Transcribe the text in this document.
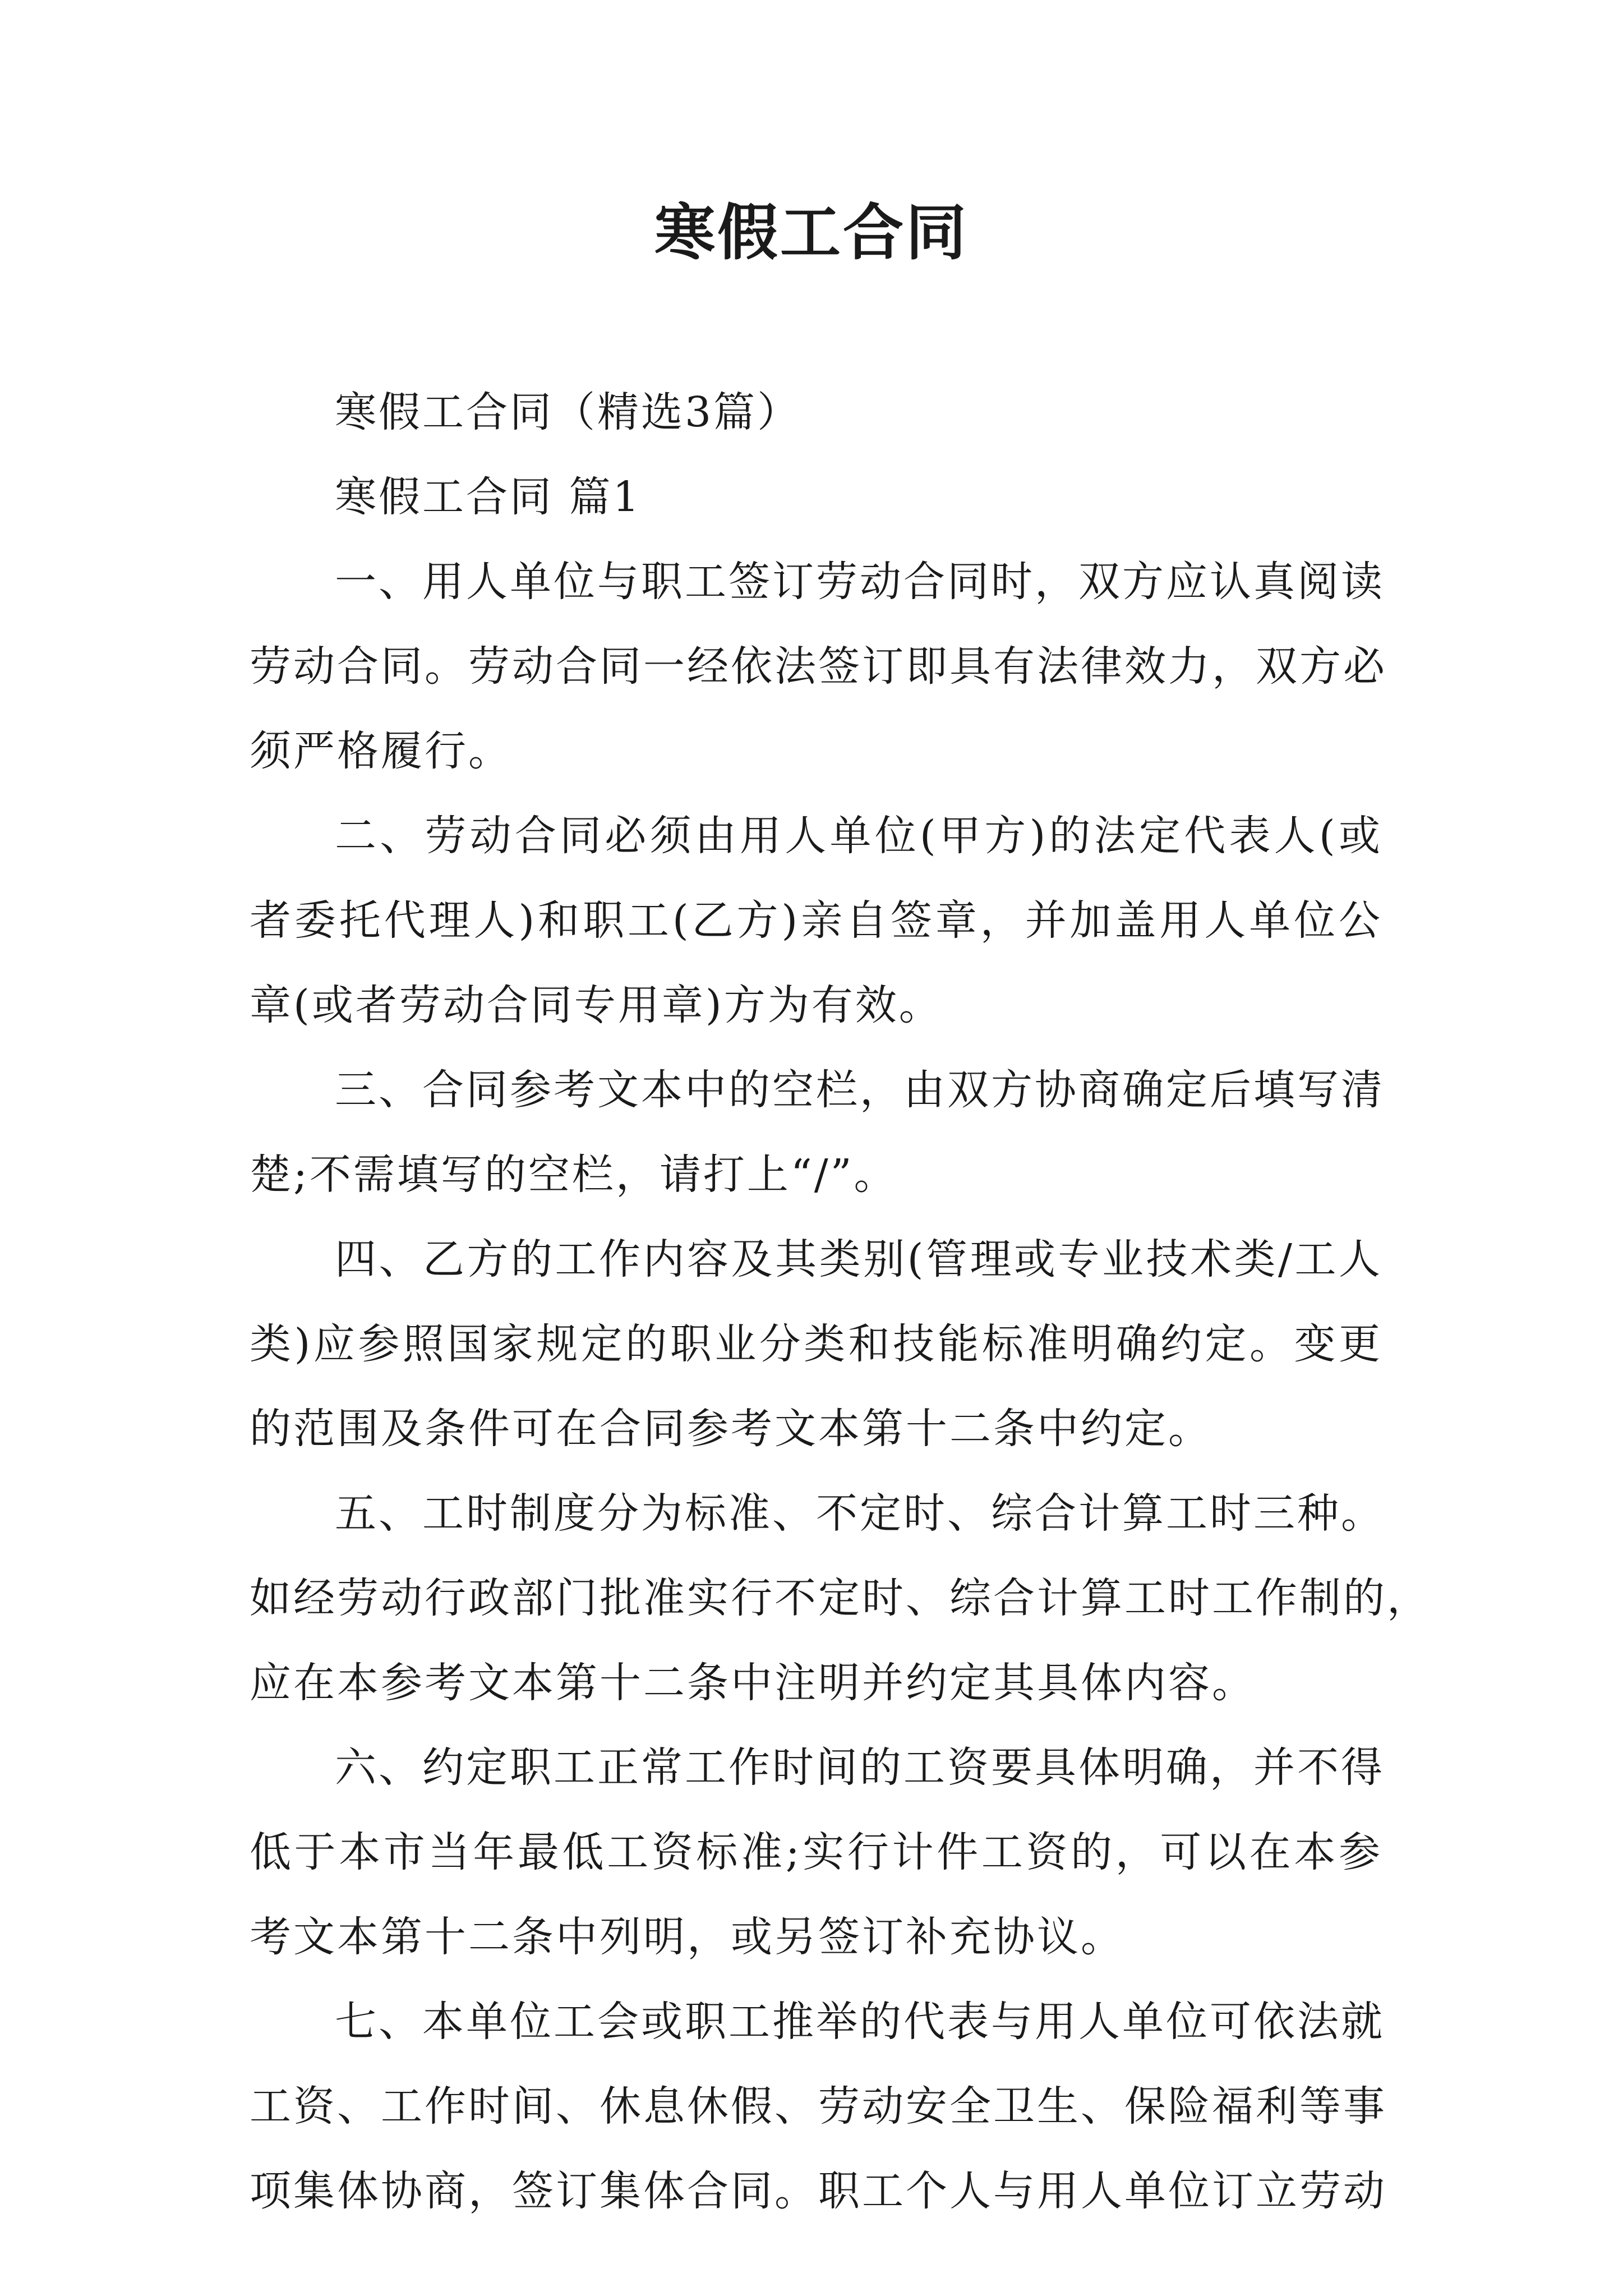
寒假工合同

寒假工合同（精选3篇）

寒假工合同 篇1

一、用人单位与职工签订劳动合同时，双方应认真阅读

劳动合同。劳动合同一经依法签订即具有法律效力，双方必

须严格履行。

二、劳动合同必须由用人单位(甲方)的法定代表人(或

者委托代理人)和职工(乙方)亲自签章，并加盖用人单位公

章(或者劳动合同专用章)方为有效。

三、合同参考文本中的空栏，由双方协商确定后填写清

楚;不需填写的空栏，请打上“/”。

四、乙方的工作内容及其类别(管理或专业技术类/工人

类)应参照国家规定的职业分类和技能标准明确约定。变更

的范围及条件可在合同参考文本第十二条中约定。

五、工时制度分为标准、不定时、综合计算工时三种。

如经劳动行政部门批准实行不定时、综合计算工时工作制的，

应在本参考文本第十二条中注明并约定其具体内容。

六、约定职工正常工作时间的工资要具体明确，并不得

低于本市当年最低工资标准;实行计件工资的，可以在本参

考文本第十二条中列明，或另签订补充协议。

七、本单位工会或职工推举的代表与用人单位可依法就

工资、工作时间、休息休假、劳动安全卫生、保险福利等事

项集体协商，签订集体合同。职工个人与用人单位订立劳动
